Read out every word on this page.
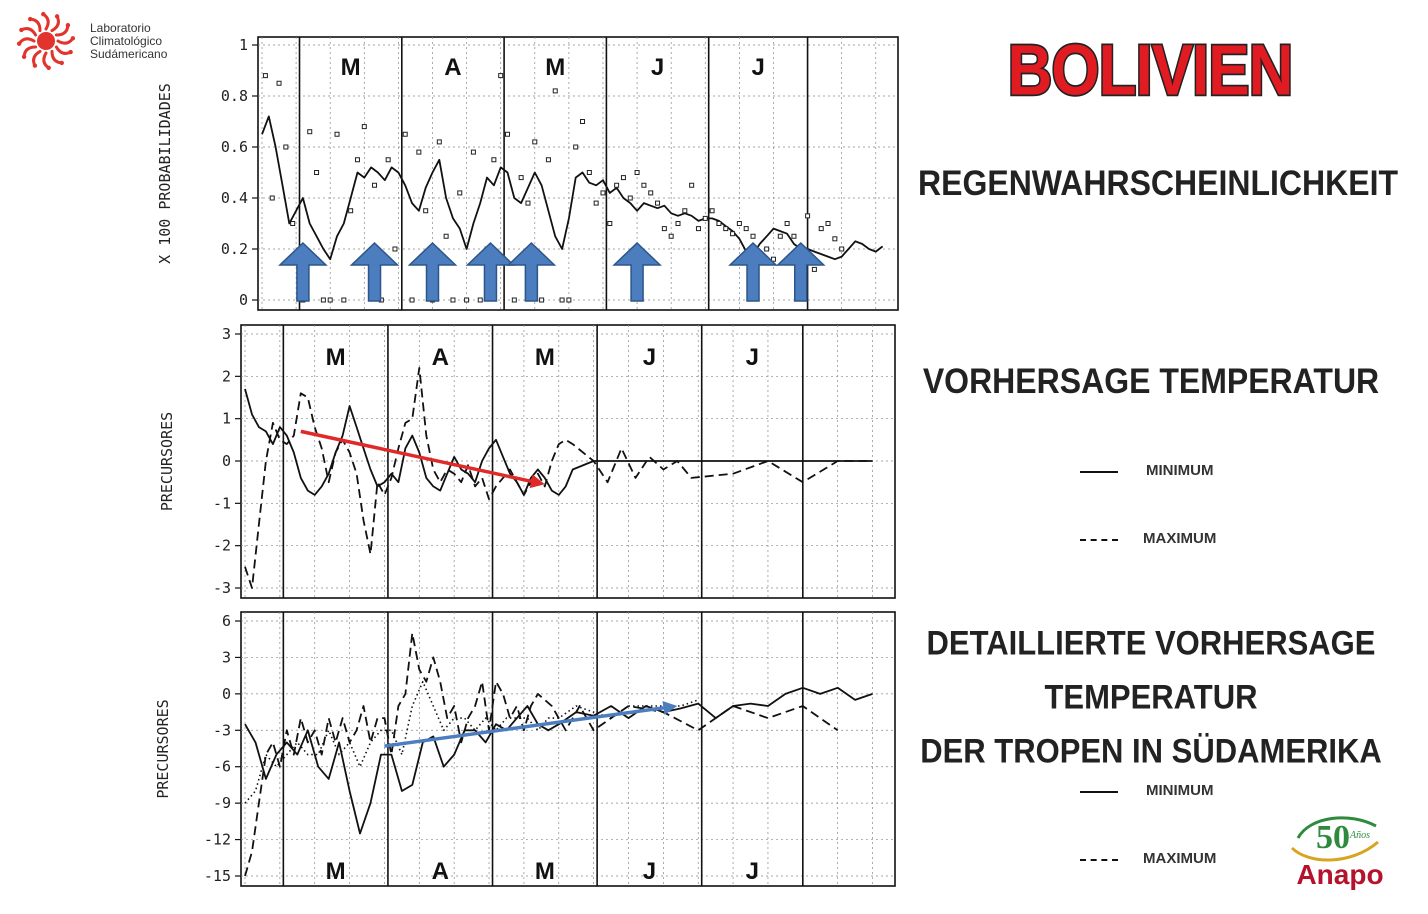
Laboratorio
Climatológico
Sudámericano	BOLIVIEN
REGENWAHRSCHEINLICHKEIT
VORHERSAGE TEMPERATUR
DETAILLIERTE VORHERSAGE
TEMPERATUR
DER TROPEN IN SÜDAMERIKA
MINIMUM
MAXIMUM
MINIMUM
MAXIMUM
50 Años
Anapo
0
0.2
0.4
0.6
0.8
1
M	A	M	J	J
X 100 PROBABILIDADES
-3
-2
-1
0
1
2
3
M	A	M	J	J
PRECURSORES
-15
-12
-9
-6
-3
0
3
6
M	A	M	J	J
PRECURSORES
